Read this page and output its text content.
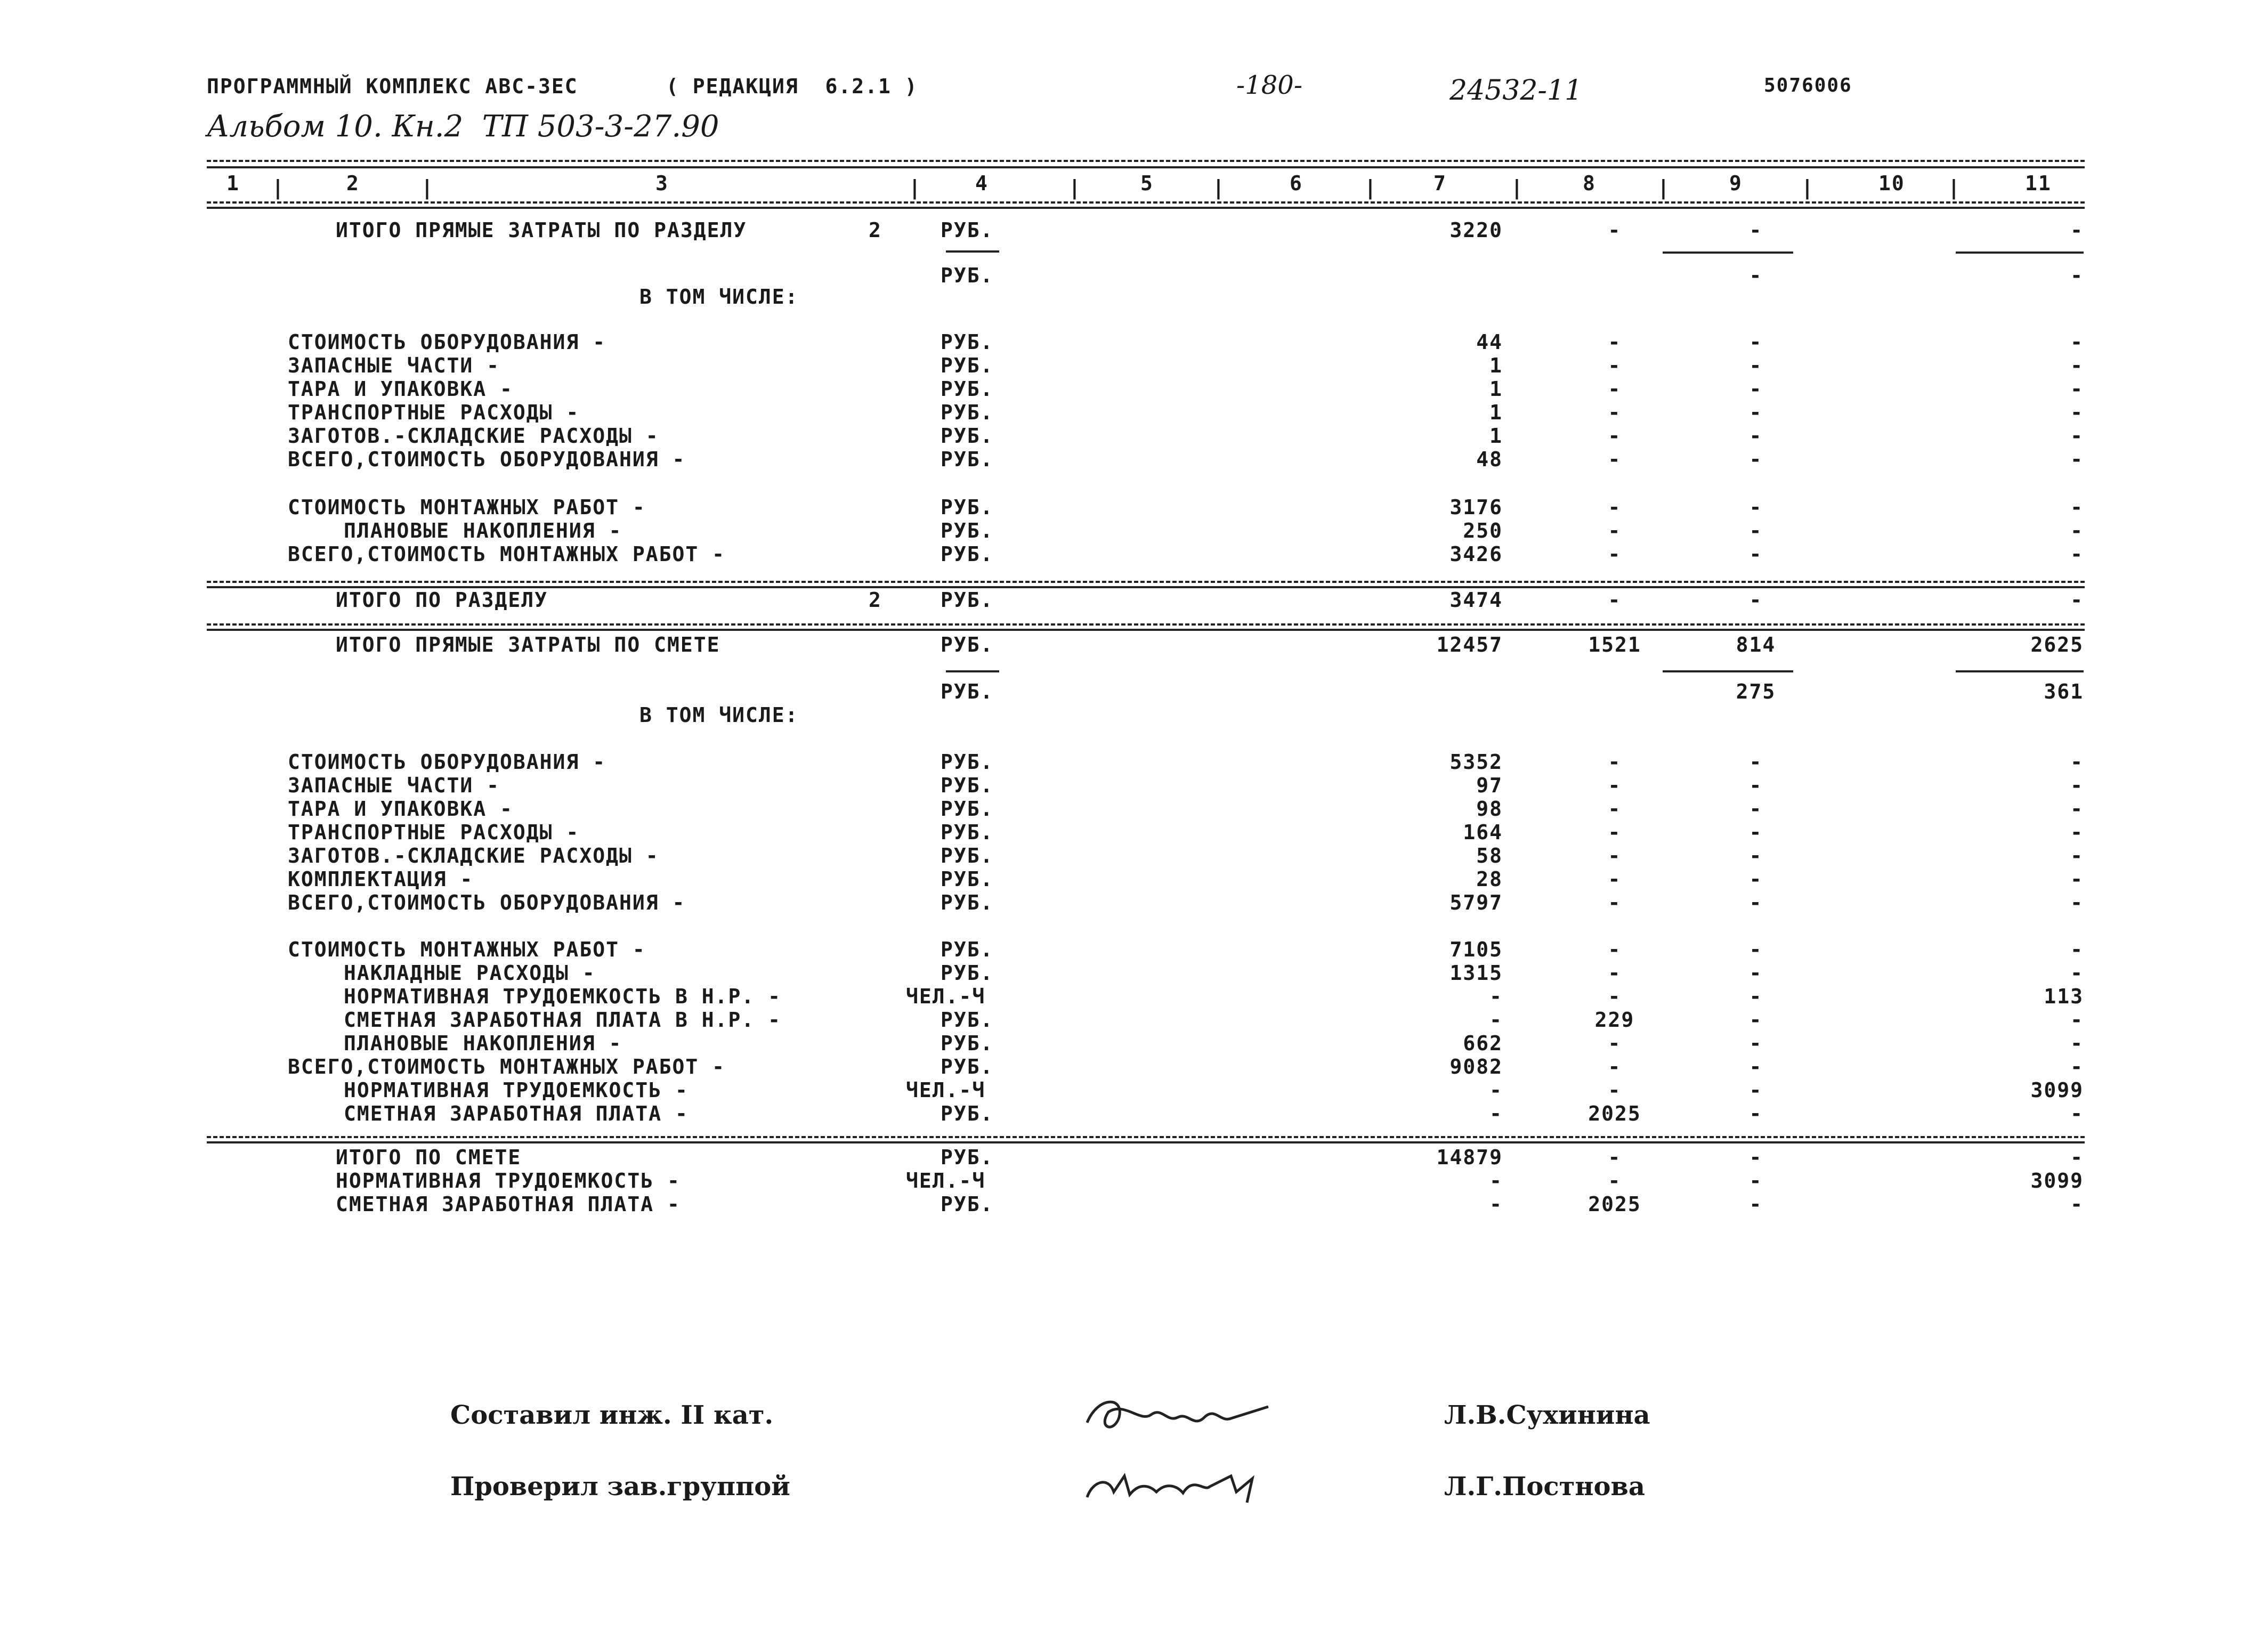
ПРОГРАММНЫЙ КОМПЛЕКС АВС-3ЕС	( РЕДАКЦИЯ  6.2.1 )	-180-	24532-11	5076006
Альбом 10. Кн.2  ТП 503-3-27.90
1	2	3	4	5	6	7	8	9	10	11
|	|	|	|	|	|	|	|	|	|
ИТОГО ПРЯМЫЕ ЗАТРАТЫ ПО РАЗДЕЛУ	2	РУБ.	3220	-	-	-
РУБ.	-	-
В ТОМ ЧИСЛЕ:
СТОИМОСТЬ ОБОРУДОВАНИЯ -	РУБ.	44	-	-	-
ЗАПАСНЫЕ ЧАСТИ -	РУБ.	1	-	-	-
ТАРА И УПАКОВКА -	РУБ.	1	-	-	-
ТРАНСПОРТНЫЕ РАСХОДЫ -	РУБ.	1	-	-	-
ЗАГОТОВ.-СКЛАДСКИЕ РАСХОДЫ -	РУБ.	1	-	-	-
ВСЕГО,СТОИМОСТЬ ОБОРУДОВАНИЯ -	РУБ.	48	-	-	-
СТОИМОСТЬ МОНТАЖНЫХ РАБОТ -	РУБ.	3176	-	-	-
ПЛАНОВЫЕ НАКОПЛЕНИЯ -	РУБ.	250	-	-	-
ВСЕГО,СТОИМОСТЬ МОНТАЖНЫХ РАБОТ -	РУБ.	3426	-	-	-
ИТОГО ПО РАЗДЕЛУ	2	РУБ.	3474	-	-	-
ИТОГО ПРЯМЫЕ ЗАТРАТЫ ПО СМЕТЕ	РУБ.	12457	1521	814	2625
РУБ.	275	361
В ТОМ ЧИСЛЕ:
СТОИМОСТЬ ОБОРУДОВАНИЯ -	РУБ.	5352	-	-	-
ЗАПАСНЫЕ ЧАСТИ -	РУБ.	97	-	-	-
ТАРА И УПАКОВКА -	РУБ.	98	-	-	-
ТРАНСПОРТНЫЕ РАСХОДЫ -	РУБ.	164	-	-	-
ЗАГОТОВ.-СКЛАДСКИЕ РАСХОДЫ -	РУБ.	58	-	-	-
КОМПЛЕКТАЦИЯ -	РУБ.	28	-	-	-
ВСЕГО,СТОИМОСТЬ ОБОРУДОВАНИЯ -	РУБ.	5797	-	-	-
СТОИМОСТЬ МОНТАЖНЫХ РАБОТ -	РУБ.	7105	-	-	-
НАКЛАДНЫЕ РАСХОДЫ -	РУБ.	1315	-	-	-
НОРМАТИВНАЯ ТРУДОЕМКОСТЬ В Н.Р. -	ЧЕЛ.-Ч	-	-	-	113
СМЕТНАЯ ЗАРАБОТНАЯ ПЛАТА В Н.Р. -	РУБ.	-	229	-	-
ПЛАНОВЫЕ НАКОПЛЕНИЯ -	РУБ.	662	-	-	-
ВСЕГО,СТОИМОСТЬ МОНТАЖНЫХ РАБОТ -	РУБ.	9082	-	-	-
НОРМАТИВНАЯ ТРУДОЕМКОСТЬ -	ЧЕЛ.-Ч	-	-	-	3099
СМЕТНАЯ ЗАРАБОТНАЯ ПЛАТА -	РУБ.	-	2025	-	-
ИТОГО ПО СМЕТЕ	РУБ.	14879	-	-	-
НОРМАТИВНАЯ ТРУДОЕМКОСТЬ -	ЧЕЛ.-Ч	-	-	-	3099
СМЕТНАЯ ЗАРАБОТНАЯ ПЛАТА -	РУБ.	-	2025	-	-
Составил инж. II кат.	Л.В.Сухинина
Проверил зав.группой	Л.Г.Постнова
